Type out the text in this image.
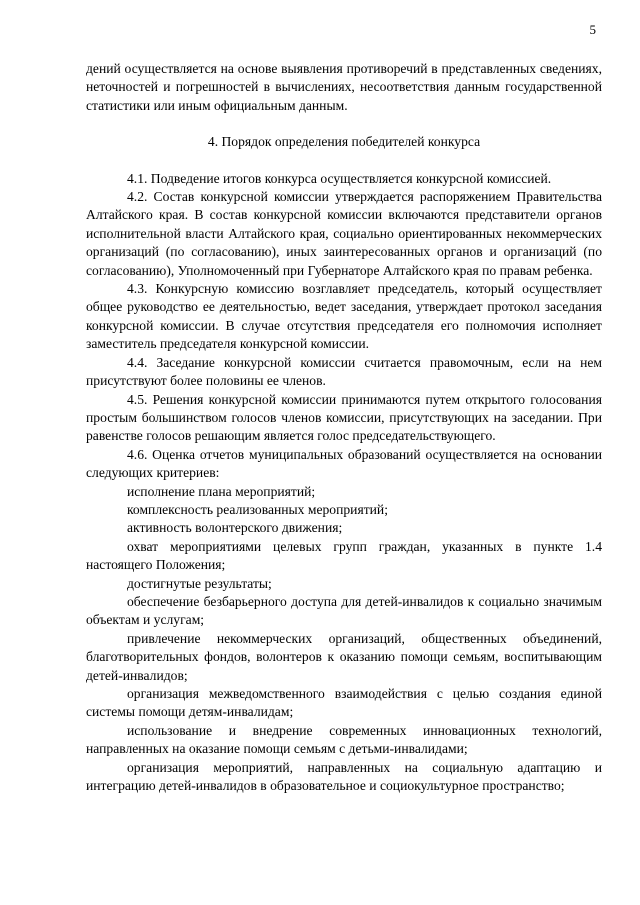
5

дений осуществляется на основе выявления противоречий в представленных сведениях, неточностей и погрешностей в вычислениях, несоответствия данным государственной статистики или иным официальным данным.

4. Порядок определения победителей конкурса

4.1. Подведение итогов конкурса осуществляется конкурсной комиссией.

4.2. Состав конкурсной комиссии утверждается распоряжением Правительства Алтайского края. В состав конкурсной комиссии включаются представители органов исполнительной власти Алтайского края, социально ориентированных некоммерческих организаций (по согласованию), иных заинтересованных органов и организаций (по согласованию), Уполномоченный при Губернаторе Алтайского края по правам ребенка.

4.3. Конкурсную комиссию возглавляет председатель, который осуществляет общее руководство ее деятельностью, ведет заседания, утверждает протокол заседания конкурсной комиссии. В случае отсутствия председателя его полномочия исполняет заместитель председателя конкурсной комиссии.

4.4. Заседание конкурсной комиссии считается правомочным, если на нем присутствуют более половины ее членов.

4.5. Решения конкурсной комиссии принимаются путем открытого голосования простым большинством голосов членов комиссии, присутствующих на заседании. При равенстве голосов решающим является голос председательствующего.

4.6. Оценка отчетов муниципальных образований осуществляется на основании следующих критериев:

исполнение плана мероприятий;

комплексность реализованных мероприятий;

активность волонтерского движения;

охват мероприятиями целевых групп граждан, указанных в пункте 1.4 настоящего Положения;

достигнутые результаты;

обеспечение безбарьерного доступа для детей-инвалидов к социально значимым объектам и услугам;

привлечение некоммерческих организаций, общественных объединений, благотворительных фондов, волонтеров к оказанию помощи семьям, воспитывающим детей-инвалидов;

организация межведомственного взаимодействия с целью создания единой системы помощи детям-инвалидам;

использование и внедрение современных инновационных технологий, направленных на оказание помощи семьям с детьми-инвалидами;

организация мероприятий, направленных на социальную адаптацию и интеграцию детей-инвалидов в образовательное и социокультурное пространство;
